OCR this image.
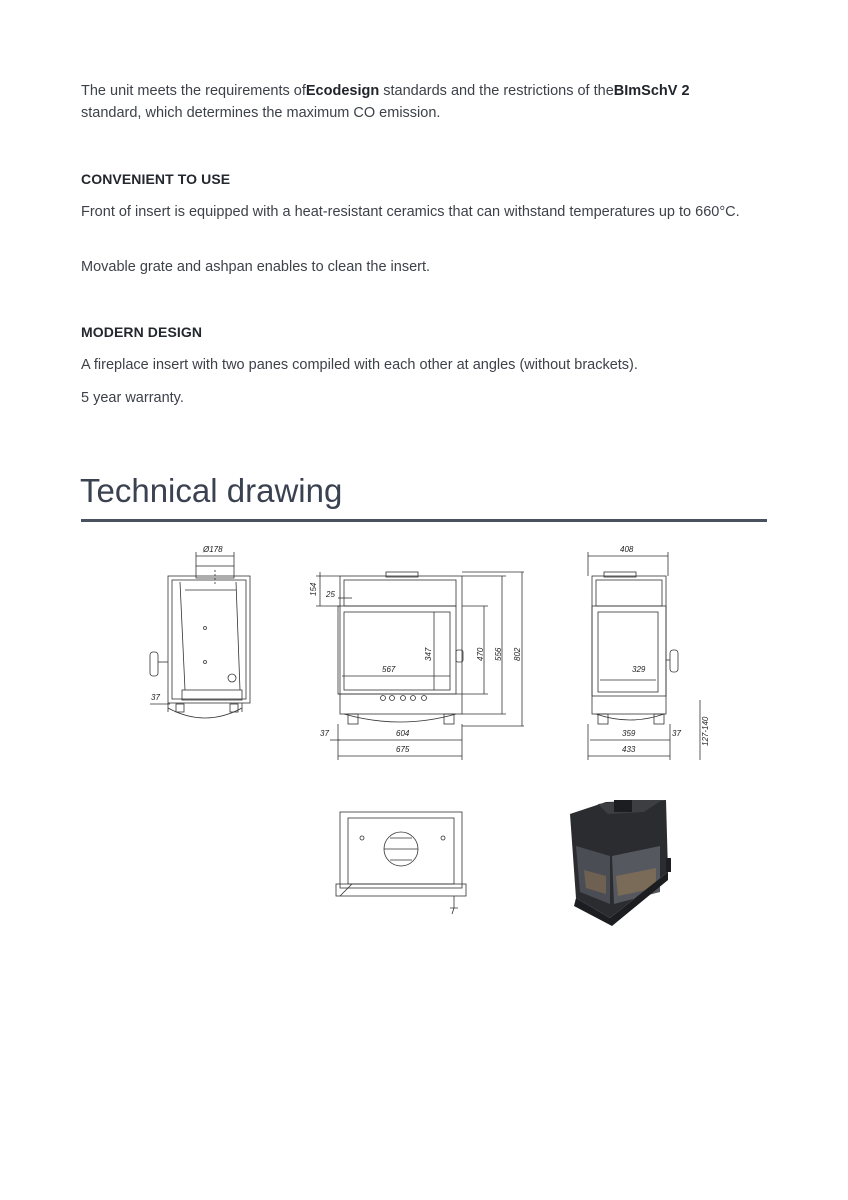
The unit meets the requirements ofEcodesign standards and the restrictions of theBImSchV 2 standard, which determines the maximum CO emission.

CONVENIENT TO USE

Front of insert is equipped with a heat-resistant ceramics that can withstand temperatures up to 660°C.

Movable grate and ashpan enables to clean the insert.

MODERN DESIGN

A fireplace insert with two panes compiled with each other at angles (without brackets).

5 year warranty.

Technical drawing
Ø178
37
154 25
567
347	470 556 802
37	604
675
408
329
359	37
433
127-140
